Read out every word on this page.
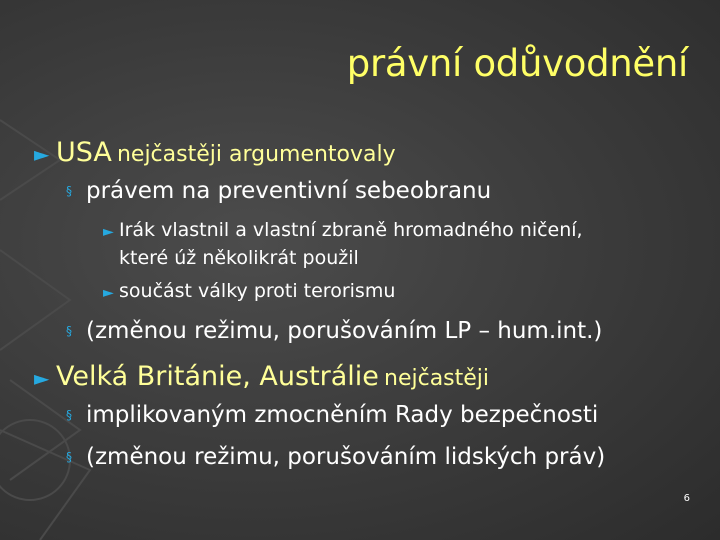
právní odůvodnění
► USA nejčastěji argumentovaly
§ právem na preventivní sebeobranu
► Irák vlastnil a vlastní zbraně hromadného ničení,
které úž několikrát použil
► součást války proti terorismu
§ (změnou režimu, porušováním LP – hum.int.)
► Velká Británie, Austrálie nejčastěji
§ implikovaným zmocněním Rady bezpečnosti
§ (změnou režimu, porušováním lidských práv)
6
